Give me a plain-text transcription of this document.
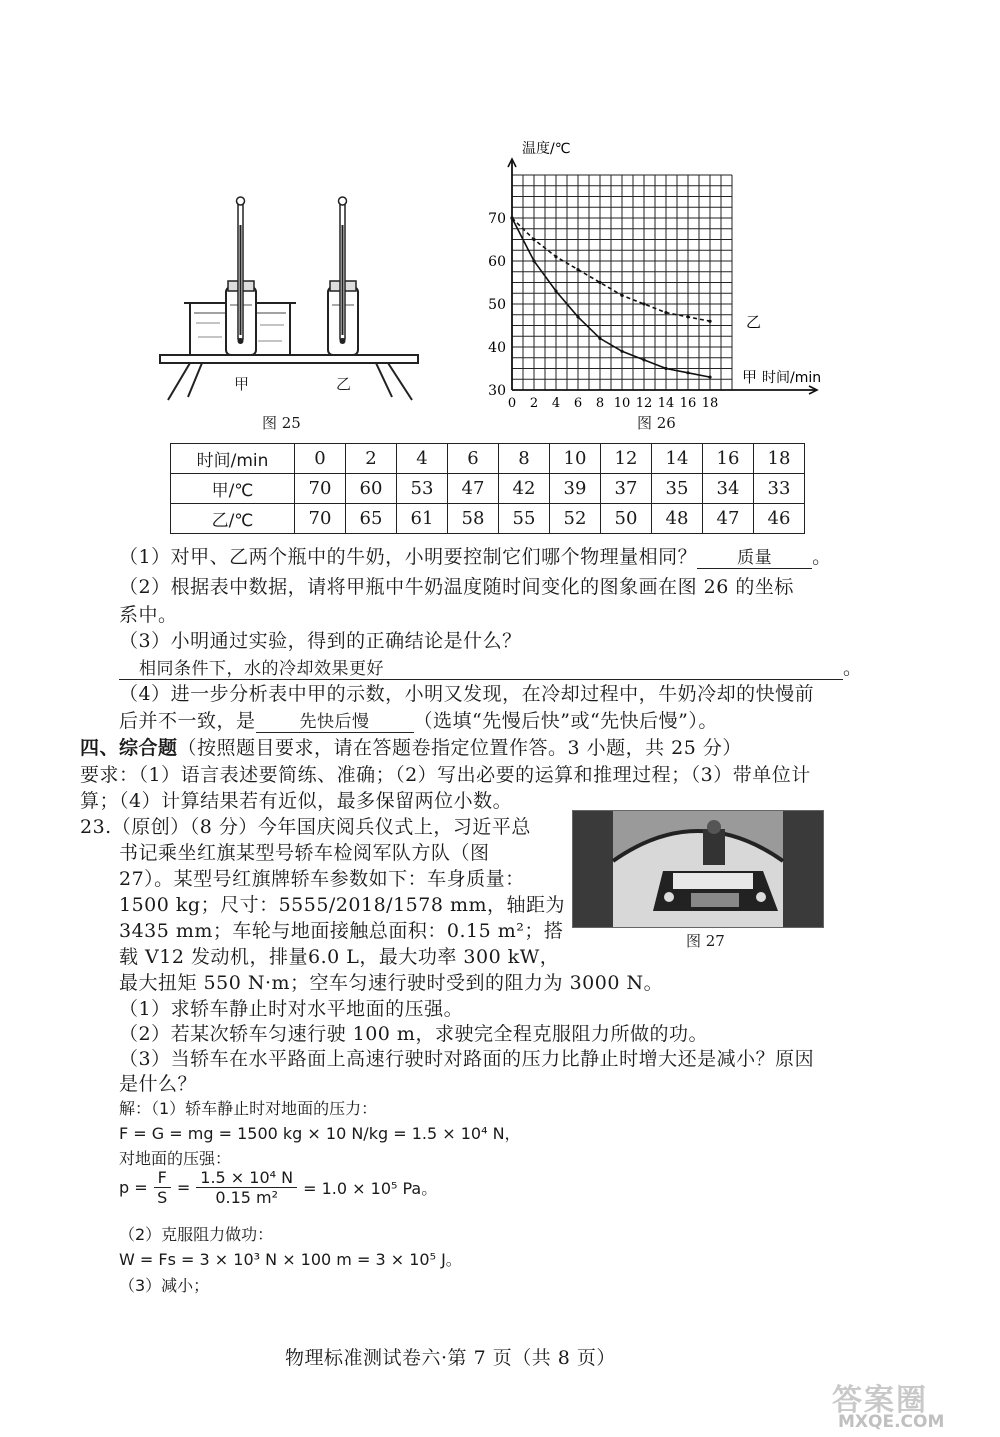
甲	乙
图 25
30
40
50
60
70
0 2 4 6 8 10 12 14 16 18
温度/℃
时间/min
乙
甲
图 26
时间/min	0	2	4	6	8	10	12	14	16	18
甲/℃	70	60	53	47	42	39	37	35	34	33
乙/℃	70	65	61	58	55	52	50	48	47	46
（1）对甲、乙两个瓶中的牛奶，小明要控制它们哪个物理量相同？ 质量 。
（2）根据表中数据，请将甲瓶中牛奶温度随时间变化的图象画在图 26 的坐标
系中。
（3）小明通过实验，得到的正确结论是什么？
相同条件下，水的冷却效果更好	。
（4）进一步分析表中甲的示数，小明又发现，在冷却过程中，牛奶冷却的快慢前
后并不一致，是	先快后慢 （选填“先慢后快”或“先快后慢”）。
四、综合题（按照题目要求，请在答题卷指定位置作答。3 小题，共 25 分）
要求：（1）语言表述要简练、准确；（2）写出必要的运算和推理过程；（3）带单位计
算；（4）计算结果若有近似，最多保留两位小数。
23.（原创）（8 分）今年国庆阅兵仪式上，习近平总
书记乘坐红旗某型号轿车检阅军队方队（图
27）。某型号红旗牌轿车参数如下：车身质量：
1500 kg；尺寸：5555/2018/1578 mm，轴距为
3435 mm；车轮与地面接触总面积：0.15 m²；搭
载 V12 发动机，排量6.0 L，最大功率 300 kW，
最大扭矩 550 N·m；空车匀速行驶时受到的阻力为 3000 N。
图 27
（1）求轿车静止时对水平地面的压强。
（2）若某次轿车匀速行驶 100 m，求驶完全程克服阻力所做的功。
（3）当轿车在水平路面上高速行驶时对路面的压力比静止时增大还是减小？原因
是什么？
解：（1）轿车静止时对地面的压力：
F = G = mg = 1500 kg × 10 N/kg = 1.5 × 10⁴ N，
对地面的压强：
$p = \frac{F}{S} = \frac{\text{1.5 × 10⁴ N}}{\text{0.15 m²}} = 1.0 \times 10^5$ Pa。
（2）克服阻力做功：
W = Fs = 3 × 10³ N × 100 m = 3 × 10⁵ J。
（3）减小；
物理标准测试卷六·第 7 页（共 8 页）
答案圈
MXQE.COM
